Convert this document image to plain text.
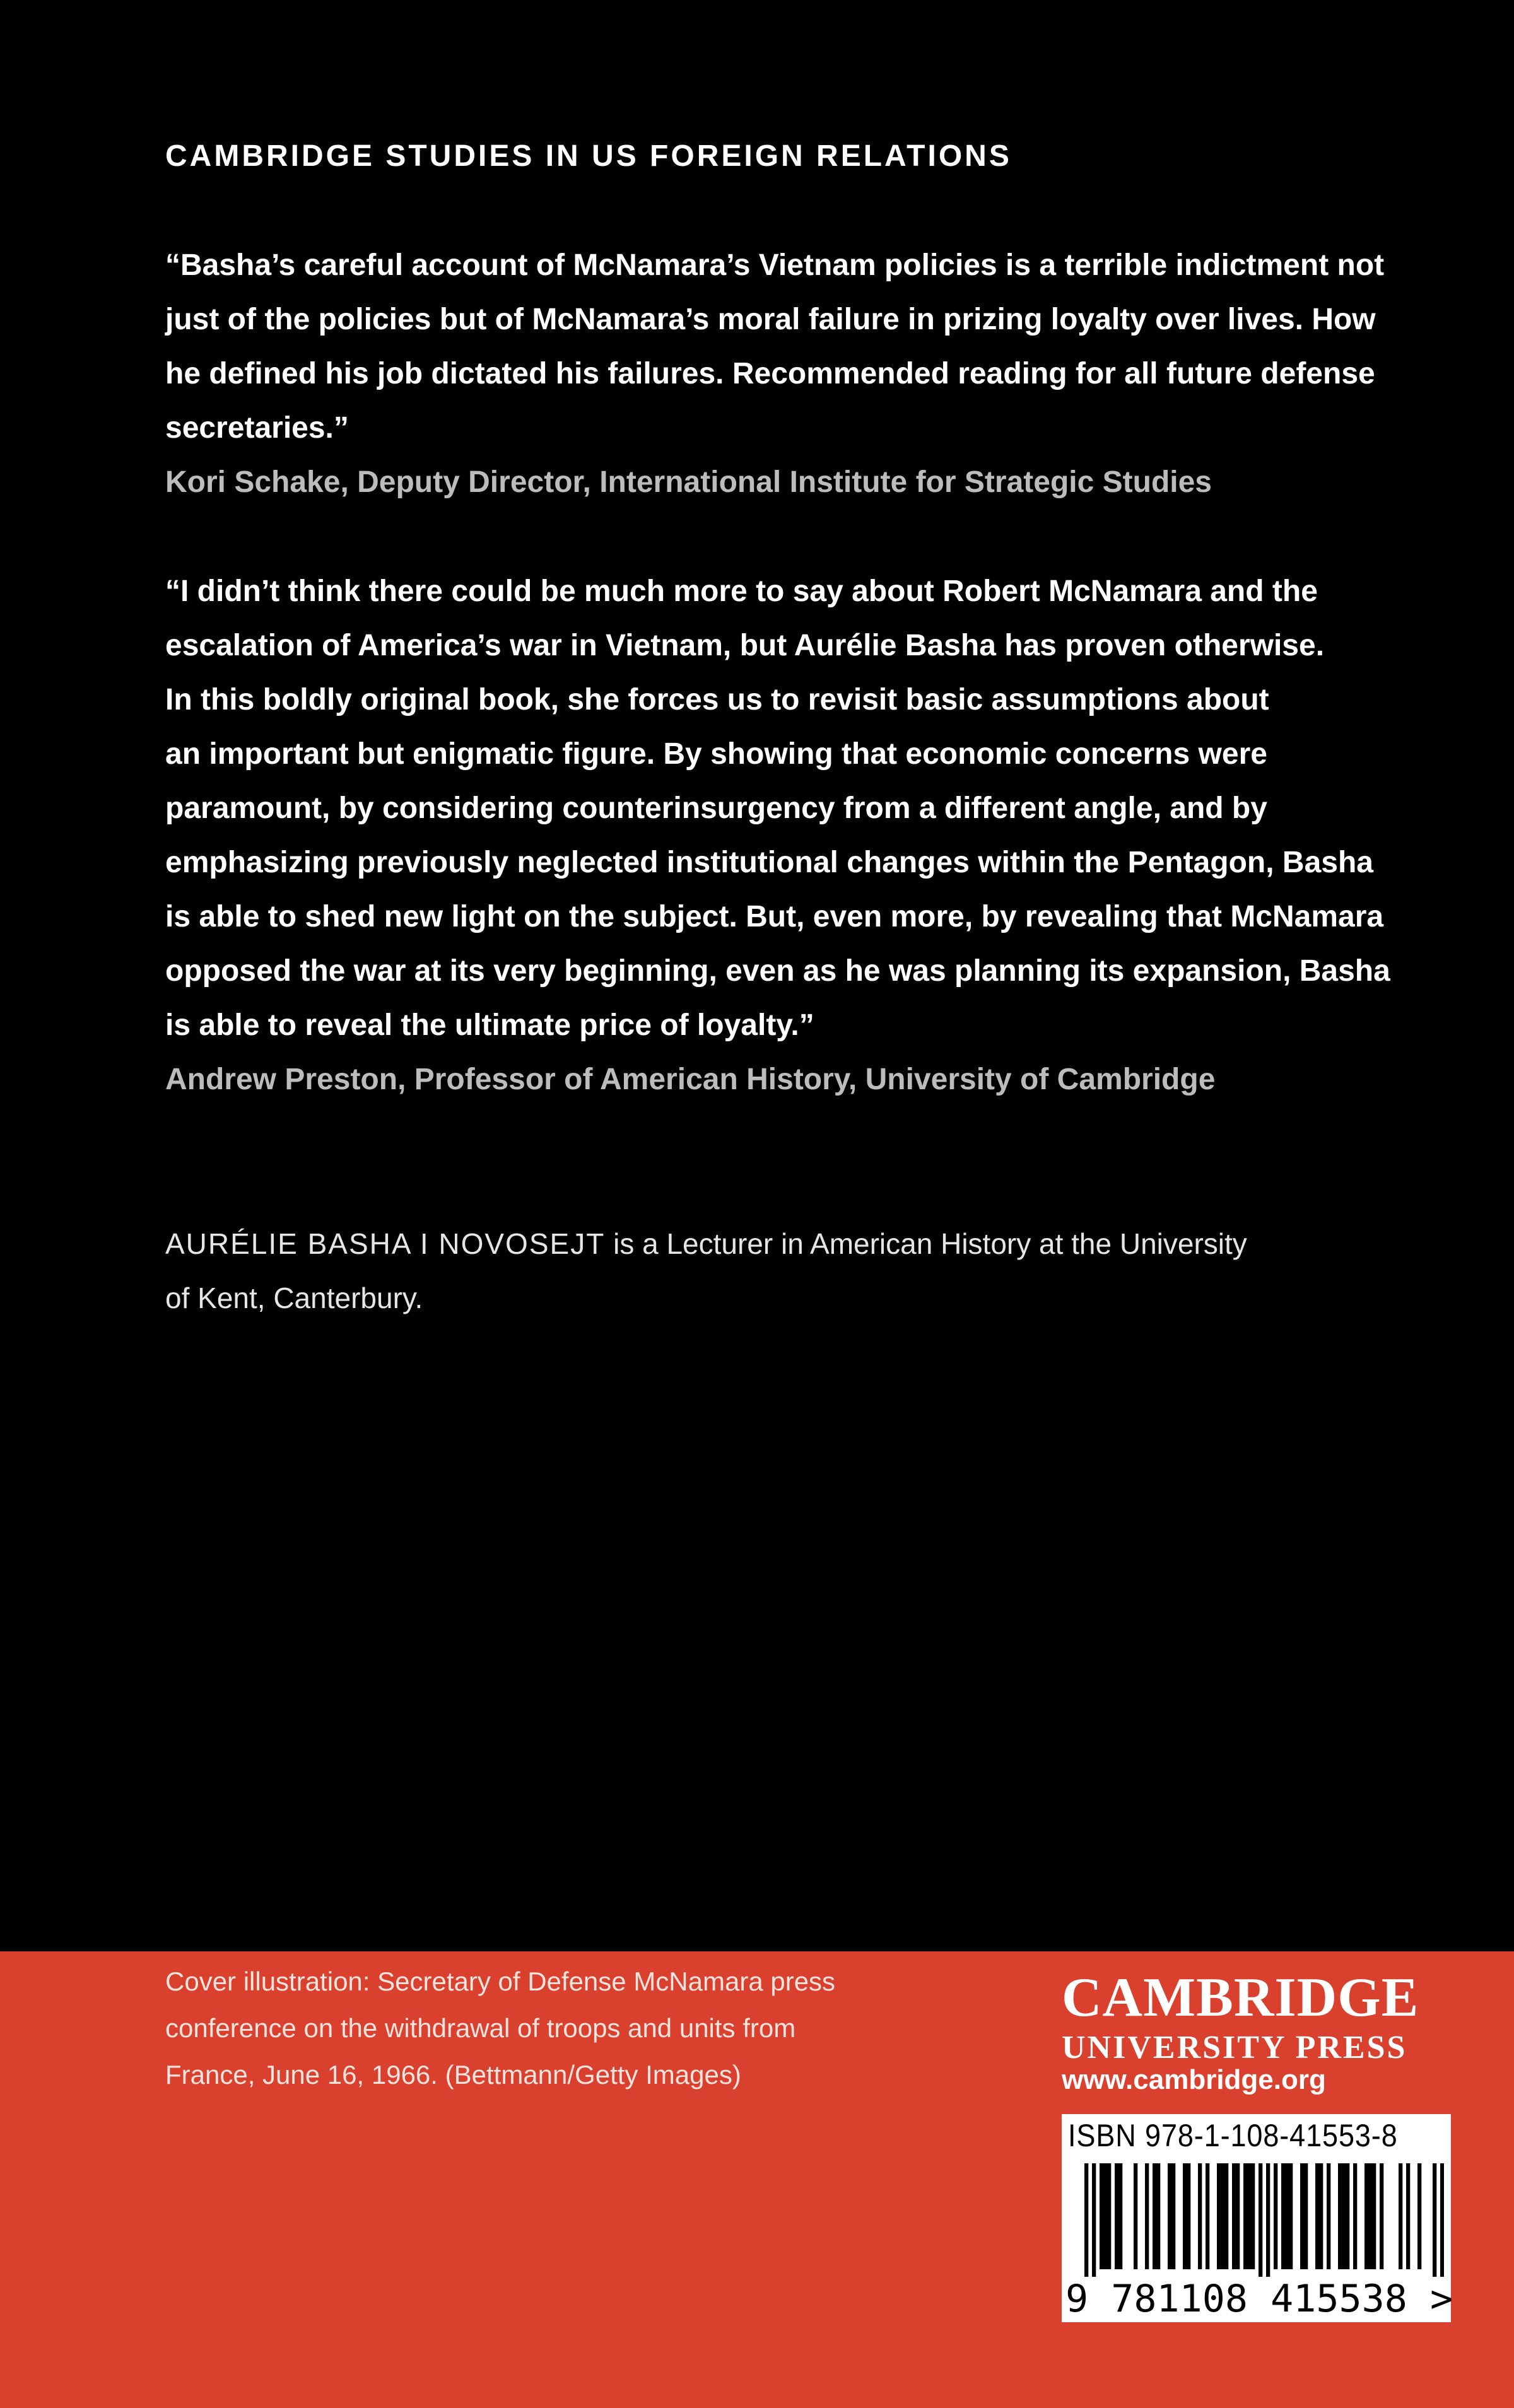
CAMBRIDGE STUDIES IN US FOREIGN RELATIONS

“Basha’s careful account of McNamara’s Vietnam policies is a terrible indictment not
just of the policies but of McNamara’s moral failure in prizing loyalty over lives. How
he defined his job dictated his failures. Recommended reading for all future defense
secretaries.”

Kori Schake, Deputy Director, International Institute for Strategic Studies

“I didn’t think there could be much more to say about Robert McNamara and the
escalation of America’s war in Vietnam, but Aurélie Basha has proven otherwise.
In this boldly original book, she forces us to revisit basic assumptions about
an important but enigmatic figure. By showing that economic concerns were
paramount, by considering counterinsurgency from a different angle, and by
emphasizing previously neglected institutional changes within the Pentagon, Basha
is able to shed new light on the subject. But, even more, by revealing that McNamara
opposed the war at its very beginning, even as he was planning its expansion, Basha
is able to reveal the ultimate price of loyalty.”

Andrew Preston, Professor of American History, University of Cambridge

AURÉLIE BASHA I NOVOSEJT is a Lecturer in American History at the University
of Kent, Canterbury.

Cover illustration: Secretary of Defense McNamara press
conference on the withdrawal of troops and units from
France, June 16, 1966. (Bettmann/Getty Images)

CAMBRIDGE
UNIVERSITY PRESS
www.cambridge.org

ISBN 978-1-108-41553-8

9 781108 415538 >
